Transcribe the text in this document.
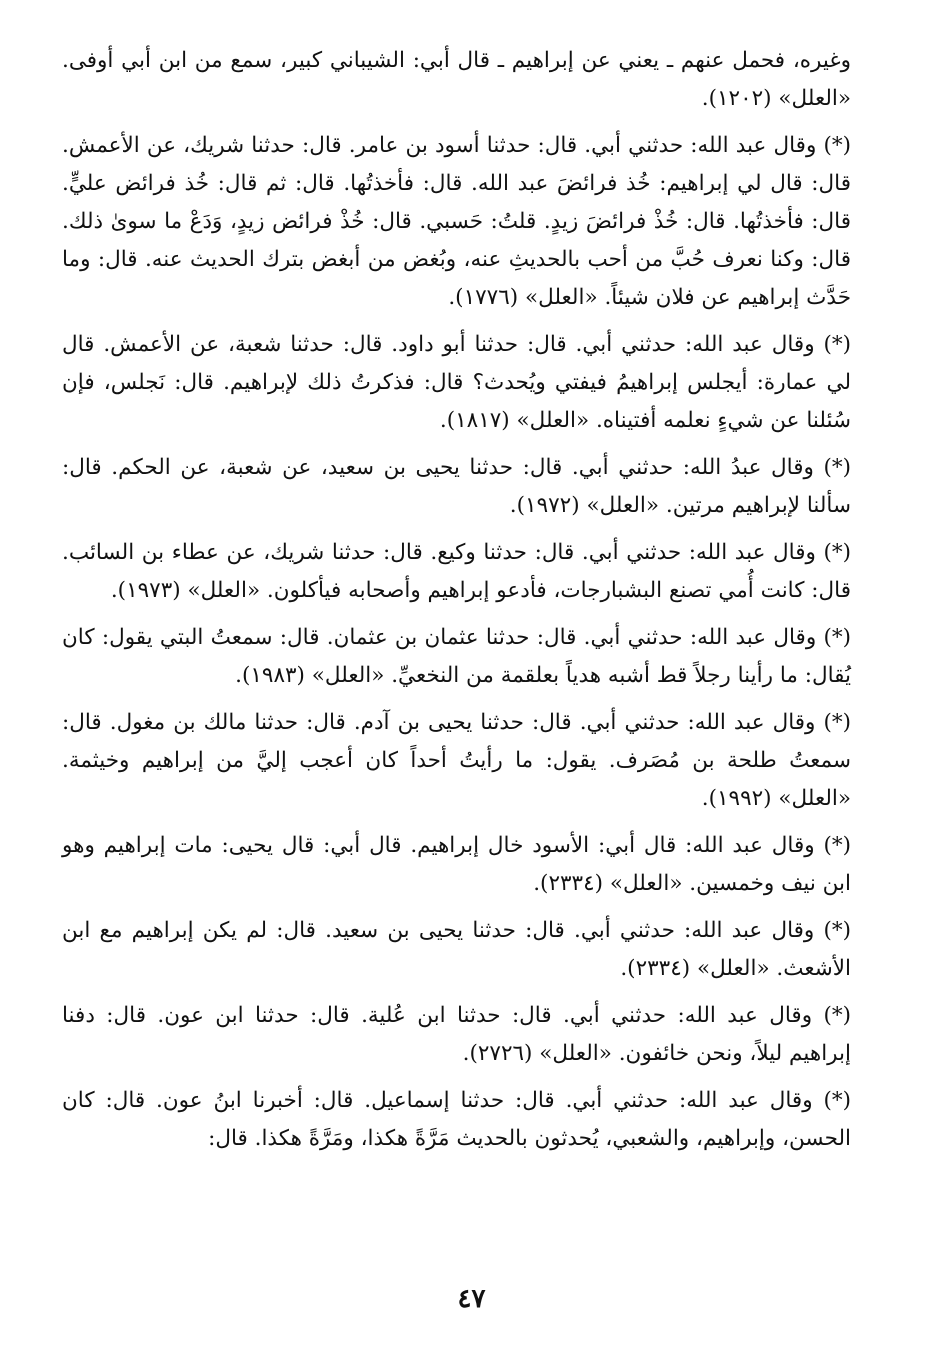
وغيره، فحمل عنهم ـ يعني عن إبراهيم ـ قال أبي: الشيباني كبير، سمع من ابن أبي أوفى. «العلل» (١٢٠٢).

(*) وقال عبد الله: حدثني أبي. قال: حدثنا أسود بن عامر. قال: حدثنا شريك، عن الأعمش. قال: قال لي إبراهيم: خُذ فرائضَ عبد الله. قال: فأخذتُها. قال: ثم قال: خُذ فرائض عليٍّ. قال: فأخذتُها. قال: خُذْ فرائضَ زيدٍ. قلتُ: حَسبي. قال: خُذْ فرائض زيدٍ، وَدَعْ ما سوىٰ ذلك. قال: وكنا نعرف حُبَّ من أحب بالحديثِ عنه، وبُغض من أبغض بترك الحديث عنه. قال: وما حَدَّث إبراهيم عن فلان شيئاً. «العلل» (١٧٧٦).

(*) وقال عبد الله: حدثني أبي. قال: حدثنا أبو داود. قال: حدثنا شعبة، عن الأعمش. قال لي عمارة: أيجلس إبراهيمُ فيفتي ويُحدث؟ قال: فذكرتُ ذلك لإبراهيم. قال: نَجلس، فإن سُئلنا عن شيءٍ نعلمه أفتيناه. «العلل» (١٨١٧).

(*) وقال عبدُ الله: حدثني أبي. قال: حدثنا يحيى بن سعيد، عن شعبة، عن الحكم. قال: سألنا لإبراهيم مرتين. «العلل» (١٩٧٢).

(*) وقال عبد الله: حدثني أبي. قال: حدثنا وكيع. قال: حدثنا شريك، عن عطاء بن السائب. قال: كانت أُمي تصنع البشبارجات، فأدعو إبراهيم وأصحابه فيأكلون. «العلل» (١٩٧٣).

(*) وقال عبد الله: حدثني أبي. قال: حدثنا عثمان بن عثمان. قال: سمعتُ البتي يقول: كان يُقال: ما رأينا رجلاً قط أشبه هدياً بعلقمة من النخعيِّ. «العلل» (١٩٨٣).

(*) وقال عبد الله: حدثني أبي. قال: حدثنا يحيى بن آدم. قال: حدثنا مالك بن مغول. قال: سمعتُ طلحة بن مُصَرف. يقول: ما رأيتُ أحداً كان أعجب إليَّ من إبراهيم وخيثمة. «العلل» (١٩٩٢).

(*) وقال عبد الله: قال أبي: الأسود خال إبراهيم. قال أبي: قال يحيى: مات إبراهيم وهو ابن نيف وخمسين. «العلل» (٢٣٣٤).

(*) وقال عبد الله: حدثني أبي. قال: حدثنا يحيى بن سعيد. قال: لم يكن إبراهيم مع ابن الأشعث. «العلل» (٢٣٣٤).

(*) وقال عبد الله: حدثني أبي. قال: حدثنا ابن عُلية. قال: حدثنا ابن عون. قال: دفنا إبراهيم ليلاً، ونحن خائفون. «العلل» (٢٧٢٦).

(*) وقال عبد الله: حدثني أبي. قال: حدثنا إسماعيل. قال: أخبرنا ابنُ عون. قال: كان الحسن، وإبراهيم، والشعبي، يُحدثون بالحديث مَرَّةً هكذا، ومَرَّةً هكذا. قال:

٤٧
